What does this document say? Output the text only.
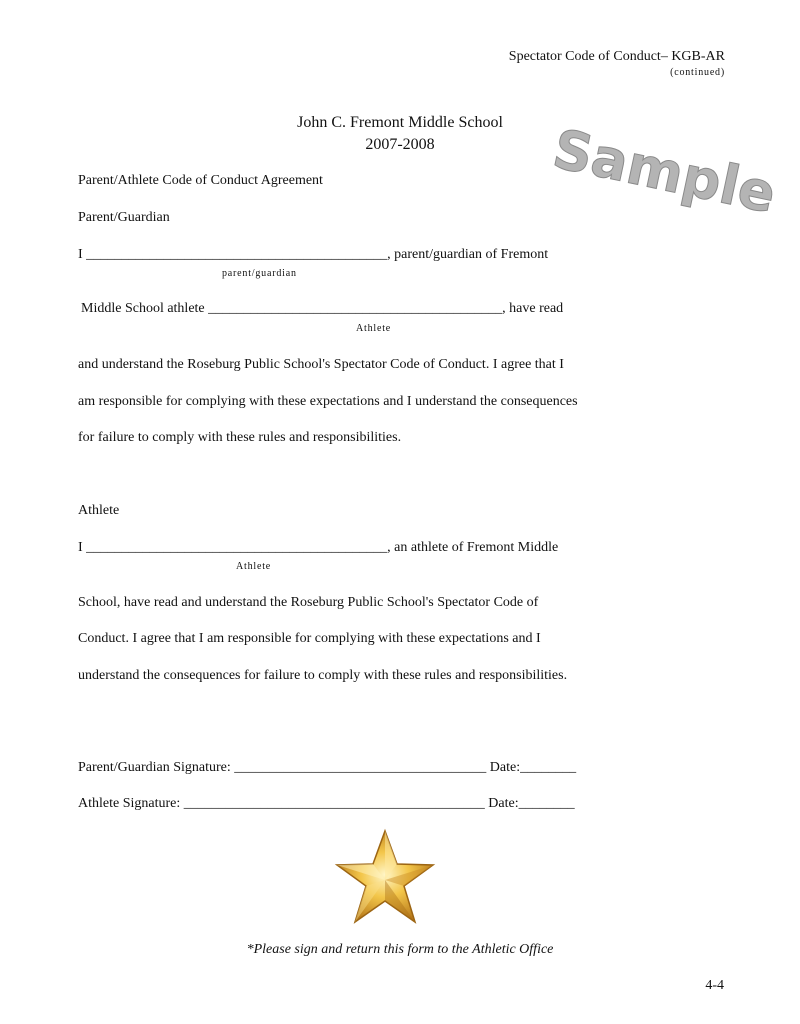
Spectator Code of Conduct– KGB-AR
(continued)
John C. Fremont Middle School
2007-2008	Sample
Parent/Athlete Code of Conduct Agreement
Parent/Guardian
I ___________________________________________, parent/guardian of Fremont
parent/guardian
Middle School athlete __________________________________________, have read
Athlete
and understand the Roseburg Public School's Spectator Code of Conduct. I agree that I
am responsible for complying with these expectations and I understand the consequences
for failure to comply with these rules and responsibilities.
Athlete
I ___________________________________________, an athlete of Fremont Middle
Athlete
School, have read and understand the Roseburg Public School's Spectator Code of
Conduct. I agree that I am responsible for complying with these expectations and I
understand the consequences for failure to comply with these rules and responsibilities.
Parent/Guardian Signature: ____________________________________ Date:________
Athlete Signature: ___________________________________________ Date:________
*Please sign and return this form to the Athletic Office
4-4
